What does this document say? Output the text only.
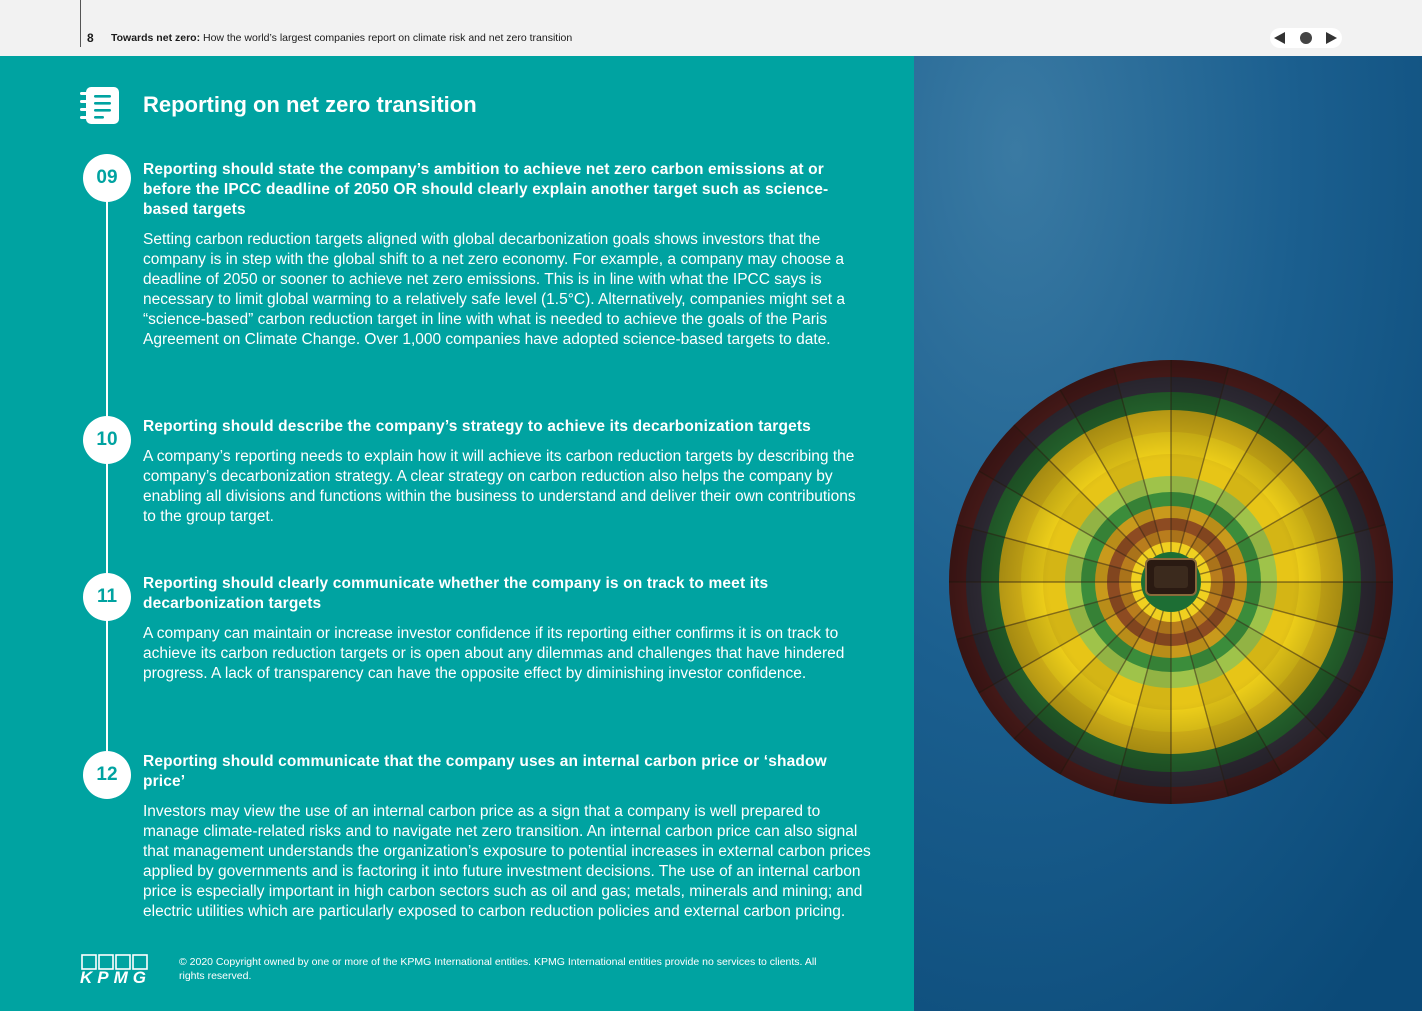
8 Towards net zero: How the world’s largest companies report on climate risk and net zero transition
Reporting on net zero transition
09	Reporting should state the company’s ambition to achieve net zero carbon emissions at or before the IPCC deadline of 2050 OR should clearly explain another target such as science-based targets

Setting carbon reduction targets aligned with global decarbonization goals shows investors that the company is in step with the global shift to a net zero economy. For example, a company may choose a deadline of 2050 or sooner to achieve net zero emissions. This is in line with what the IPCC says is necessary to limit global warming to a relatively safe level (1.5°C). Alternatively, companies might set a “science-based” carbon reduction target in line with what is needed to achieve the goals of the Paris Agreement on Climate Change. Over 1,000 companies have adopted science-based targets to date.

10
Reporting should describe the company’s strategy to achieve its decarbonization targets

A company’s reporting needs to explain how it will achieve its carbon reduction targets by describing the company’s decarbonization strategy. A clear strategy on carbon reduction also helps the company by enabling all divisions and functions within the business to understand and deliver their own contributions to the group target.

11
Reporting should clearly communicate whether the company is on track to meet its decarbonization targets

A company can maintain or increase investor confidence if its reporting either confirms it is on track to achieve its carbon reduction targets or is open about any dilemmas and challenges that have hindered progress. A lack of transparency can have the opposite effect by diminishing investor confidence.

12
Reporting should communicate that the company uses an internal carbon price or ‘shadow price’

Investors may view the use of an internal carbon price as a sign that a company is well prepared to manage climate-related risks and to navigate net zero transition. An internal carbon price can also signal that management understands the organization’s exposure to potential increases in external carbon prices applied by governments and is factoring it into future investment decisions. The use of an internal carbon price is especially important in high carbon sectors such as oil and gas; metals, minerals and mining; and electric utilities which are particularly exposed to carbon reduction policies and external carbon pricing.

KPMG
© 2020 Copyright owned by one or more of the KPMG International entities. KPMG International entities provide no services to clients. All rights reserved.
